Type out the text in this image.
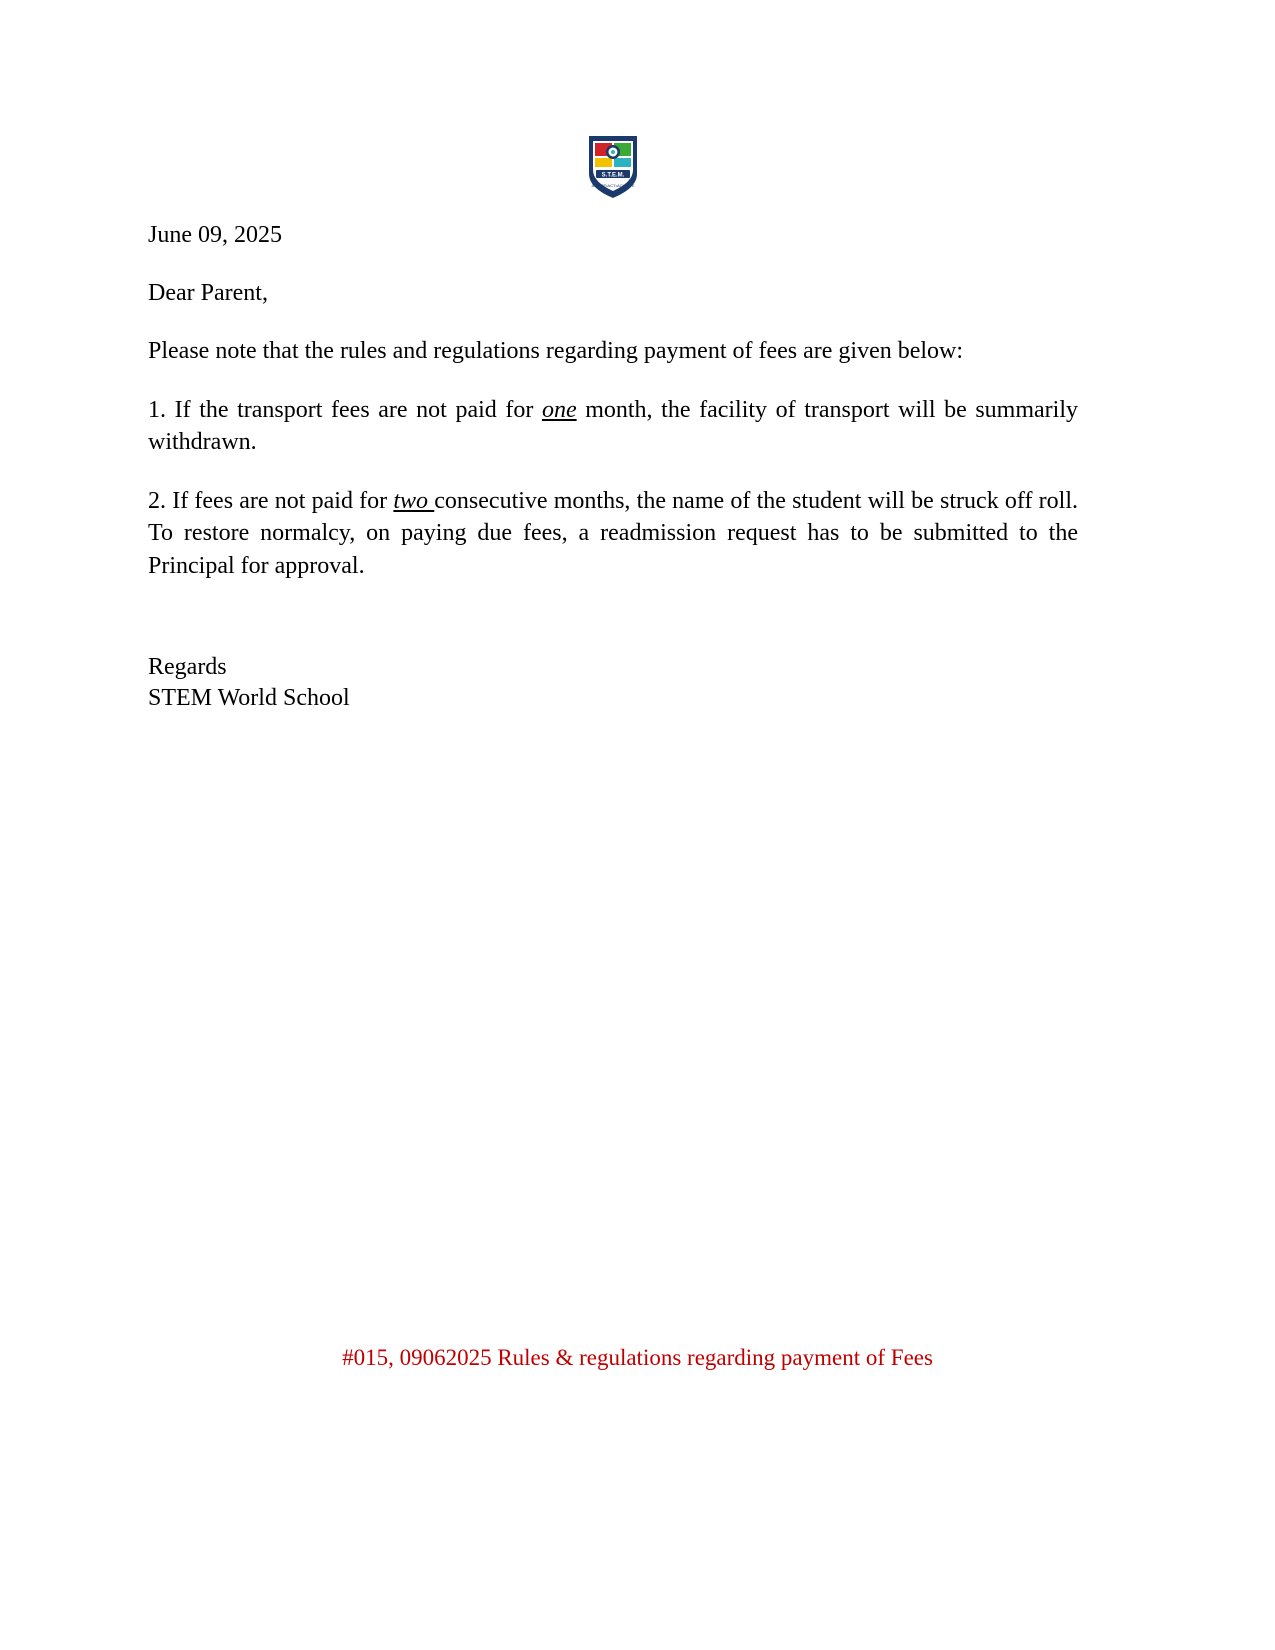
S.T.E.M.
ASPIRE•ACT•ACHIEVE
June 09, 2025
Dear Parent,
Please note that the rules and regulations regarding payment of fees are given below:

1. If the transport fees are not paid for one month, the facility of transport will be summarily withdrawn.

2. If fees are not paid for two consecutive months, the name of the student will be struck off roll. To restore normalcy, on paying due fees, a readmission request has to be submitted to the Principal for approval.

Regards
STEM World School
#015, 09062025 Rules & regulations regarding payment of Fees
